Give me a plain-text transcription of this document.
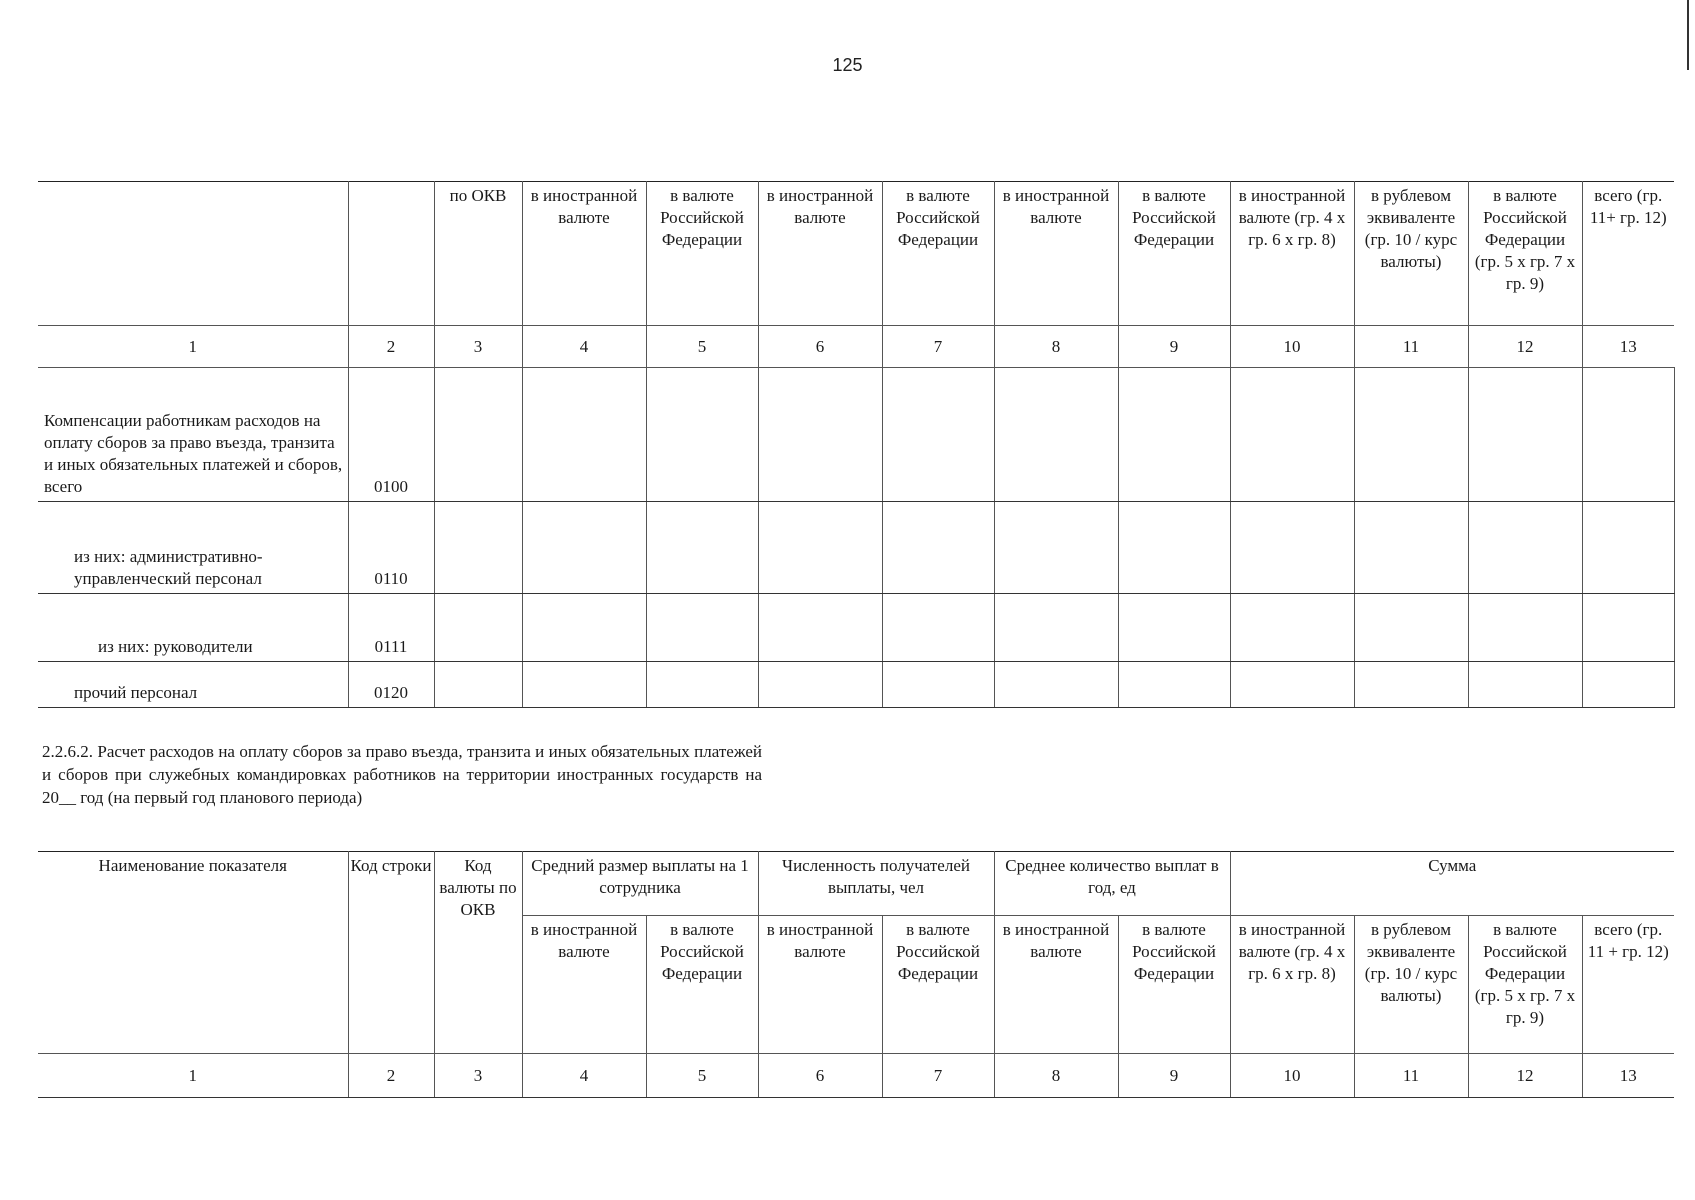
125
		по ОКВ	в иностранной валюте	в валюте Российской Федерации	в иностранной валюте	в валюте Российской Федерации	в иностранной валюте	в валюте Российской Федерации	в иностранной валюте (гр. 4 х гр. 6 х гр. 8)	в рублевом эквиваленте (гр. 10 / курс валюты)	в валюте Российской Федерации (гр. 5 х гр. 7 х гр. 9)	всего (гр. 11+ гр. 12)
1	2	3	4	5	6	7	8	9	10	11	12	13
Компенсации работникам расходов на оплату сборов за право въезда, транзита и иных обязательных платежей и сборов, всего	0100											
из них: административно-управленческий персонал	0110											
из них: руководители	0111											
прочий персонал	0120											
2.2.6.2. Расчет расходов на оплату сборов за право въезда, транзита и иных обязательных платежей и сборов при служебных командировках работников на территории иностранных государств на 20__ год (на первый год планового периода)
Наименование показателя	Код строки	Код валюты по ОКВ	Средний размер выплаты на 1 сотрудника		Численность получателей выплаты, чел		Среднее количество выплат в год, ед		Сумма			
			в иностранной валюте	в валюте Российской Федерации	в иностранной валюте	в валюте Российской Федерации	в иностранной валюте	в валюте Российской Федерации	в иностранной валюте (гр. 4 х гр. 6 х гр. 8)	в рублевом эквиваленте (гр. 10 / курс валюты)	в валюте Российской Федерации (гр. 5 х гр. 7 х гр. 9)	всего (гр. 11 + гр. 12)
1	2	3	4	5	6	7	8	9	10	11	12	13
